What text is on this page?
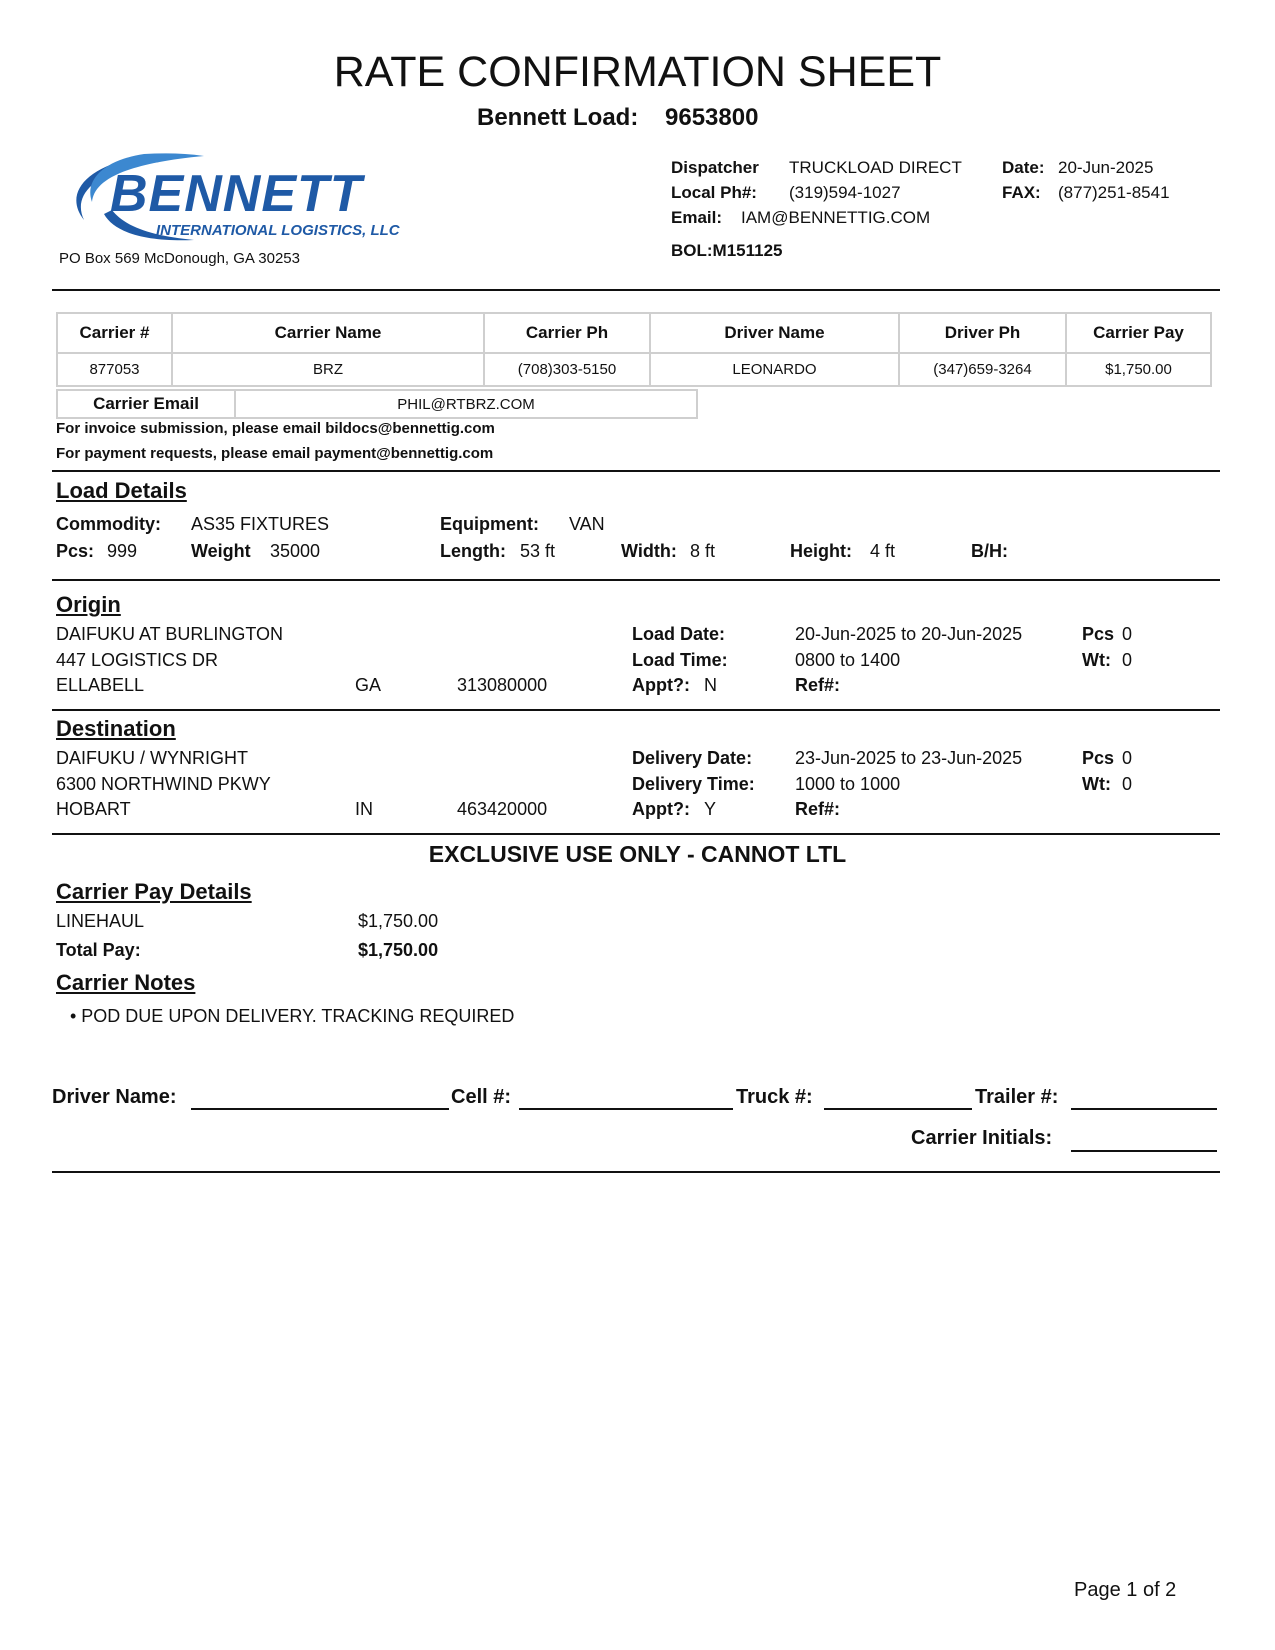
RATE CONFIRMATION SHEET
Bennett Load: 9653800
BENNETT
INTERNATIONAL LOGISTICS, LLC
PO Box 569 McDonough, GA 30253
Dispatcher TRUCKLOAD DIRECT
Local Ph#: (319)594-1027
Email: IAM@BENNETTIG.COM
BOL:M151125
Date: 20-Jun-2025
FAX: (877)251-8541
Carrier #	Carrier Name	Carrier Ph	Driver Name	Driver Ph	Carrier Pay
877053	BRZ	(708)303-5150	LEONARDO	(347)659-3264	$1,750.00
Carrier Email	PHIL@RTBRZ.COM
For invoice submission, please email bildocs@bennettig.com
For payment requests, please email payment@bennettig.com
Load Details
Commodity: AS35 FIXTURES	Equipment: VAN
Pcs: 999	Weight 35000	Length: 53 ft	Width: 8 ft	Height: 4 ft	B/H:
Origin
DAIFUKU AT BURLINGTON
447 LOGISTICS DR
ELLABELL	GA	313080000
Load Date:	20-Jun-2025 to 20-Jun-2025
Load Time:	0800 to 1400
Appt?: N	Ref#:
Pcs 0
Wt: 0
Destination
DAIFUKU / WYNRIGHT
6300 NORTHWIND PKWY
HOBART	IN	463420000
Delivery Date: 23-Jun-2025 to 23-Jun-2025
Delivery Time: 1000 to 1000
Appt?: Y	Ref#:
Pcs 0
Wt: 0
EXCLUSIVE USE ONLY - CANNOT LTL
Carrier Pay Details
LINEHAUL	$1,750.00
Total Pay:	$1,750.00
Carrier Notes
• POD DUE UPON DELIVERY. TRACKING REQUIRED
Driver Name:	Cell #:	Truck #:	Trailer #:
Carrier Initials:
Page 1 of 2
